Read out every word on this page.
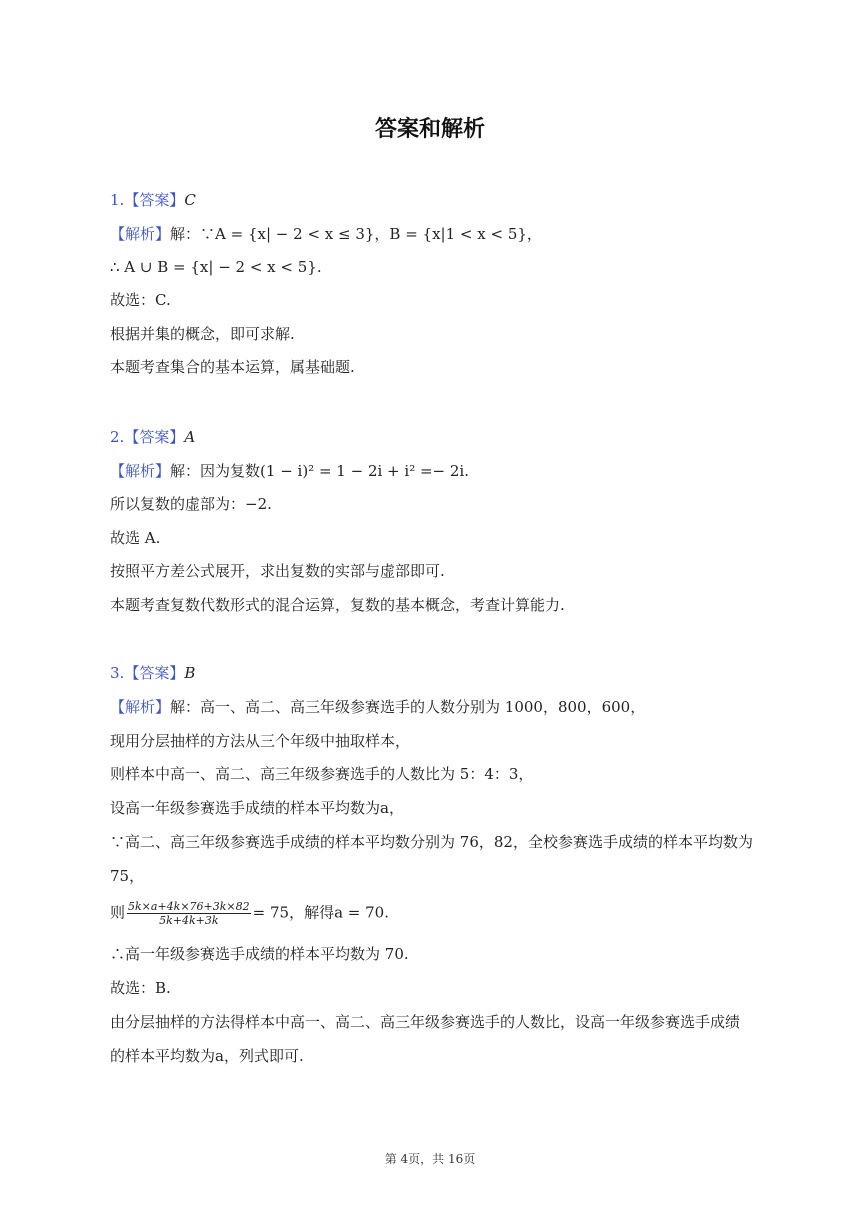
答案和解析
1.【答案】C
【解析】解：∵A = {x| − 2 < x ≤ 3}，B = {x|1 < x < 5}，
∴ A ∪ B = {x| − 2 < x < 5}.
故选：C.
根据并集的概念，即可求解.
本题考查集合的基本运算，属基础题.
2.【答案】A
【解析】解：因为复数(1 − i)² = 1 − 2i + i² =− 2i.
所以复数的虚部为：−2.
故选 A.
按照平方差公式展开，求出复数的实部与虚部即可.
本题考查复数代数形式的混合运算，复数的基本概念，考查计算能力.
3.【答案】B
【解析】解：高一、高二、高三年级参赛选手的人数分别为 1000，800，600，
现用分层抽样的方法从三个年级中抽取样本，
则样本中高一、高二、高三年级参赛选手的人数比为 5：4：3，
设高一年级参赛选手成绩的样本平均数为a，
∵高二、高三年级参赛选手成绩的样本平均数分别为 76，82，全校参赛选手成绩的样本平均数为
75，
则 $\frac{5k\times a+4k\times 76+3k\times 82}{5k+4k+3k} = 75$，解得a = 70.
∴高一年级参赛选手成绩的样本平均数为 70.
故选：B.
由分层抽样的方法得样本中高一、高二、高三年级参赛选手的人数比，设高一年级参赛选手成绩
的样本平均数为a，列式即可.
第 4页，共 16页
